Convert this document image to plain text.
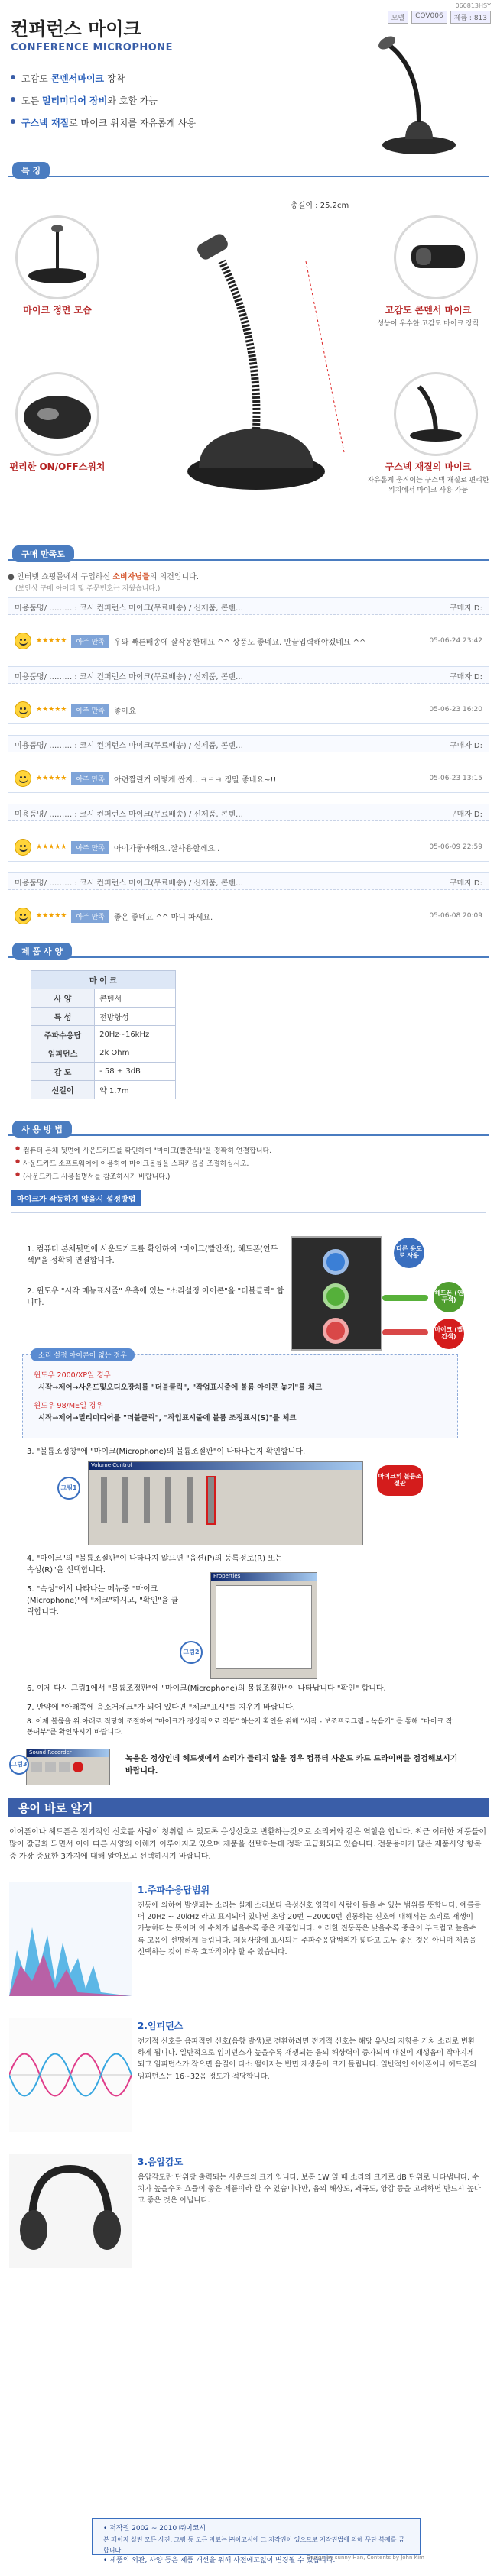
060813HSY
모델	COV006	제품 : 813
컨퍼런스 마이크
CONFERENCE MICROPHONE
고감도 콘덴서마이크 장착
모든 멀티미디어 장비와 호환 가능
구스넥 재질로 마이크 위치를 자유롭게 사용
특 징
총길이 : 25.2cm
마이크 정면 모습	고감도 콘덴서 마이크
성능이 우수한 고감도 마이크 장착
편리한 ON/OFF스위치	구스넥 재질의 마이크
자유롭게 움직이는 구스넥 재질로 편리한 위치에서 마이크 사용 가능
구매 만족도
● 인터넷 쇼핑몰에서 구입하신 소비자님들의 의견입니다.
(보안상 구매 아이디 및 주문번호는 지웠습니다.)
미용품명/ ……… : 코시 컨퍼런스 마이크(무료배송) / 신제품, 콘텐…	구매자ID:
★★★★★	아주 만족	우와 빠른배송에 잘작동한데요 ^^ 상품도 좋네요. 만끝입력해야겠네요 ^^	05-06-24 23:42
미용품명/ ……… : 코시 컨퍼런스 마이크(무료배송) / 신제품, 콘텐…	구매자ID:
★★★★★	아주 만족	좋아요	05-06-23 16:20
미용품명/ ……… : 코시 컨퍼런스 마이크(무료배송) / 신제품, 콘텐…	구매자ID:
★★★★★	아주 만족	아련짤린거 이렇게 싼지.. ㅋㅋㅋ 정말 좋네요~!!	05-06-23 13:15
미용품명/ ……… : 코시 컨퍼런스 마이크(무료배송) / 신제품, 콘텐…	구매자ID:
★★★★★	아주 만족	아이가좋아해요..잘사용할께요..	05-06-09 22:59
미용품명/ ……… : 코시 컨퍼런스 마이크(무료배송) / 신제품, 콘텐…	구매자ID:
★★★★★	아주 만족	좋은 좋네요 ^^ 마니 파세요.	05-06-08 20:09
제 품 사 양
마 이 크	
사 양	콘덴서
특 성	전방향성
주파수응답	20Hz~16kHz
임피던스	2k Ohm
감 도	- 58 ± 3dB
선길이	약 1.7m
사 용 방 법
● 컴퓨터 본체 뒷면에 사운드카드를 확인하여 "마이크(빨간색)"을 정확히 연결합니다.
● 사운드카드 소프트웨어에 이용하여 마이크볼륨을 스피커음을 조절하십시오.
● (사운드카드 사용설명서를 참조하시기 바랍니다.)
마이크가 작동하지 않을시 설정방법
1. 컴퓨터 본체뒷면에 사운드카드를 확인하여 "마이크(빨간색), 헤드폰(연두색)"을 정확히 연결합니다.
2. 윈도우 "시작 메뉴표시줄" 우측에 있는 "소리설정 아이콘"을 "더블클릭" 합니다.
다른 용도로 사용
헤드폰 (연두색)
마이크 (빨간색)
소리 설정 아이콘이 없는 경우
윈도우 2000/XP일 경우
시작→제어→사운드및오디오장치를 "더블클릭", "작업표시줄에 볼륨 아이콘 놓기"를 체크
윈도우 98/ME일 경우
시작→제어→멀티미디어를 "더블클릭", "작업표시줄에 볼륨 조정표시(S)"를 체크
3. "볼륨조정창"에 "마이크(Microphone)의 볼륨조절판"이 나타나는지 확인합니다.
Volume Control
그림1
마이크의 볼륨조절판
4. "마이크"의 "볼륨조절판"이 나타나지 않으면 "옵션(P)의 등록정보(R) 또는 속성(R)"을 선택합니다.
5. "속성"에서 나타나는 메뉴중 "마이크(Microphone)"에 "체크"하시고, "확인"을 클릭합니다.
Properties
그림2
6. 이제 다시 그림1에서 "볼륨조정판"에 "마이크(Microphone)의 볼륨조절판"이 나타납니다 "확인" 합니다.
7. 만약에 "아래쪽에 음소거체크"가 되어 있다면 "체크"표시"를 지우기 바랍니다.
8. 이제 볼륨을 위.아래로 적당히 조절하여 "마이크가 정상적으로 작동" 하는지 확인을 위해 "시작 - 보조프로그램 - 녹음기" 를 통해 "마이크 작동여부"를 확인하시기 바랍니다.
Sound Recorder
그림3
녹음은 정상인데 헤드셋에서 소리가 들리지 않을 경우 컴퓨터 사운드 카드 드라이버를 점검해보시기 바랍니다.
용어 바로 알기

이어폰이나 헤드폰은 전기적인 신호를 사람이 청취할 수 있도록 음성신호로 변환하는것으로 소리커와 같은 역할을 합니다. 최근 이러한 제품들이 많이 값금화 되면서 이에 따른 사양의 이해가 이루어지고 있으며 제품을 선택하는데 정확 고급화되고 있습니다. 전문용어가 많은 제품사양 항목중 가장 중요한 3가지에 대해 알아보고 선택하시기 바랍니다.

1.주파수응답범위

진동에 의하여 발생되는 소리는 실제 소리보다 음성신호 영역이 사람이 들을 수 있는 범위를 뜻합니다. 예를들어 20Hz ~ 20kHz 라고 표시되어 있다면 초당 20번 ~20000번 진동하는 신호에 대해서는 소리로 재생이 가능하다는 뜻이며 이 수치가 넓을수록 좋은 제품입니다. 이러한 진동폭은 낮을수록 중음이 부드럽고 높을수록 고음이 선명하게 들립니다. 제품사양에 표시되는 주파수응답범위가 넓다고 모두 좋은 것은 아니며 제품을 선택하는 것이 더욱 효과적이라 할 수 있습니다.

2.임피던스

전기적 신호를 음파적인 신호(음향 발생)로 전환하려면 전기적 신호는 해당 유닛의 저항을 거쳐 소리로 변환하게 됩니다. 일반적으로 임피던스가 높을수록 재생되는 음의 해상력이 증가되며 대신에 재생음이 작아지게 되고 임피던스가 작으면 음질이 다소 떨어지는 반면 재생음이 크게 들립니다. 일반적인 이어폰이나 헤드폰의 임피던스는 16~32옴 정도가 적당합니다.

3.음압감도

음압감도란 단위당 출력되는 사운드의 크기 입니다. 보통 1W 일 때 소리의 크기로 dB 단위로 나타냅니다. 수치가 높을수록 효율이 좋은 제품이라 할 수 있습니다만, 음의 해상도, 왜곡도, 양감 등을 고려하면 반드시 높다고 좋은 것은 아닙니다.

• 저작권 2002 ~ 2010 ㈜이코시
본 페이지 실린 모든 사진, 그림 등 모든 자료는 ㈜이코시에 그 저작권이 있으므로 저작권법에 의해 무단 복제를 금합니다.
• 제품의 외관, 사양 등은 제품 개선을 위해 사전예고없이 변경될 수 있습니다.
Design by sunny Han, Contents by John Kim
